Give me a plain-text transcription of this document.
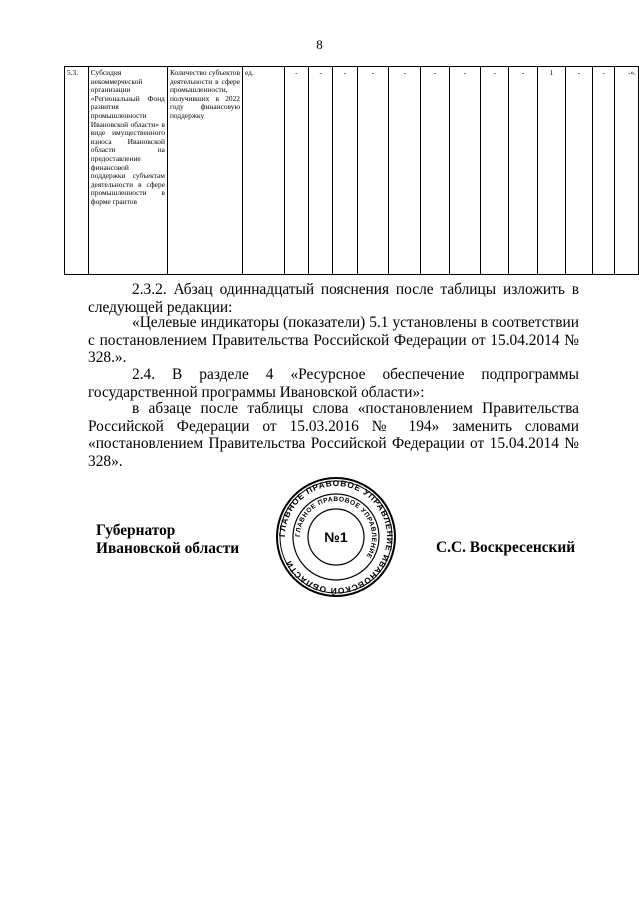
8
5.3.	Субсидия некоммерческой организации «Региональный Фонд развития промышленности Ивановской области» в виде имущественного взноса Ивановской области на предоставление финансовой поддержки субъектам деятельности в сфере промышленности в форме грантов	Количество субъектов деятельности в сфере промышленности, получивших в 2022 году финансовую поддержку	ед.	-	-	-	-	-	-	-	-	-	1	-	-	-».
2.3.2. Абзац одиннадцатый пояснения после таблицы изложить в следующей редакции:
«Целевые индикаторы (показатели) 5.1 установлены в соответствии с постановлением Правительства Российской Федерации от 15.04.2014 № 328.».
2.4. В разделе 4 «Ресурсное обеспечение подпрограммы государственной программы Ивановской области»:
в абзаце после таблицы слова «постановлением Правительства Российской Федерации от 15.03.2016 № 194» заменить словами «постановлением Правительства Российской Федерации от 15.04.2014 № 328».
Губернатор
Ивановской области	С.С. Воскресенский
ГЛАВНОЕ ПРАВОВОЕ УПРАВЛЕНИЕ ИВАНОВСКОЙ ОБЛАСТИ
ГЛАВНОЕ ПРАВОВОЕ УПРАВЛЕНИЕ
№1
